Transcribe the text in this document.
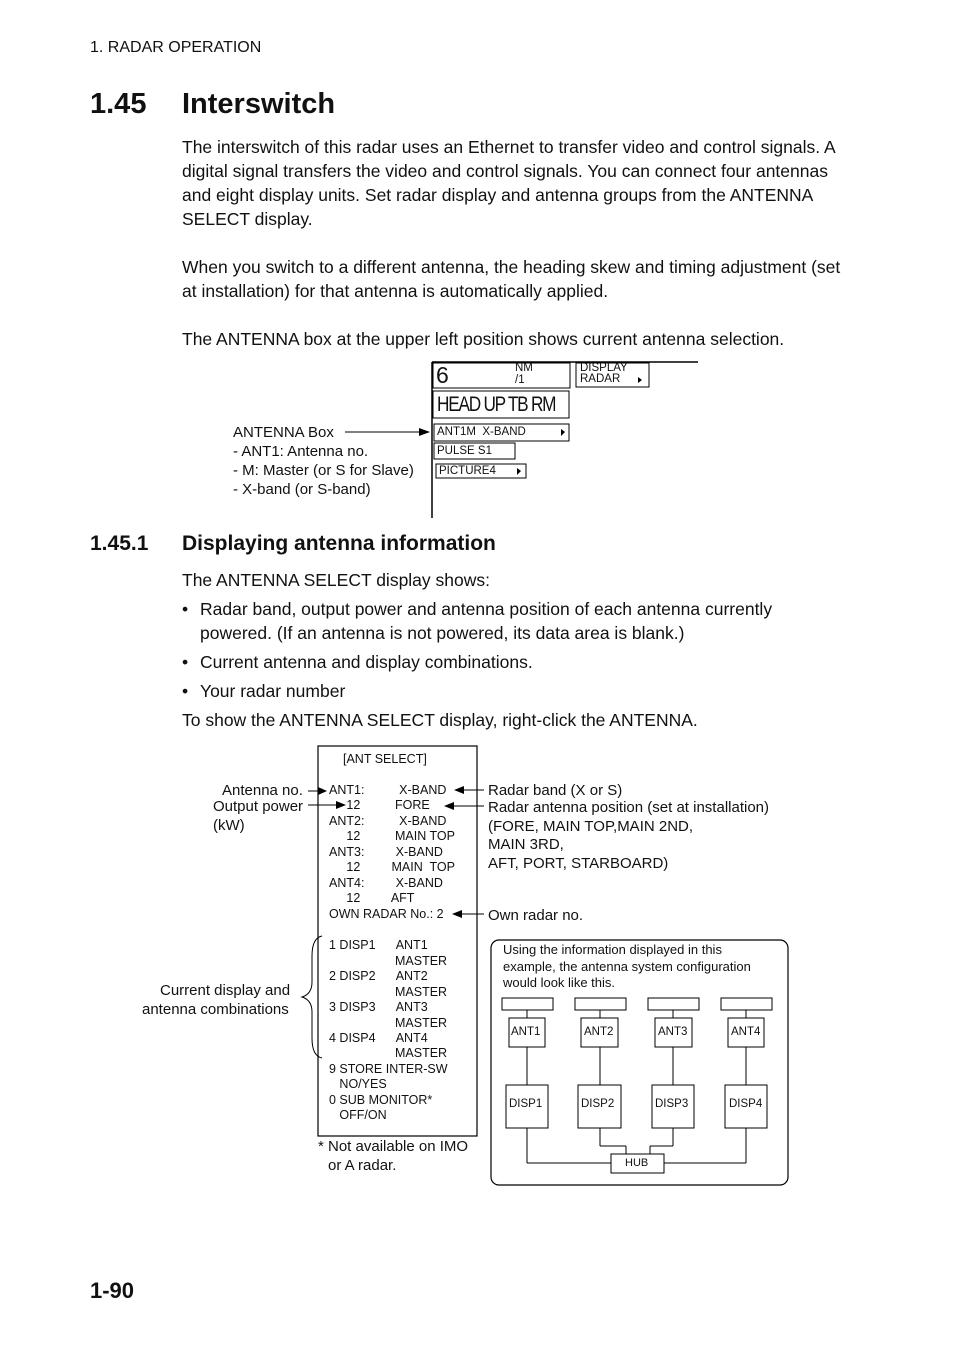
1. RADAR OPERATION
1.45 Interswitch
The interswitch of this radar uses an Ethernet to transfer video and control signals. A digital signal transfers the video and control signals. You can connect four antennas and eight display units. Set radar display and antenna groups from the ANTENNA SELECT display.
When you switch to a different antenna, the heading skew and timing adjustment (set at installation) for that antenna is automatically applied.
The ANTENNA box at the upper left position shows current antenna selection.
6	NM
/1
DISPLAY
RADAR
HEAD UP TB RM
ANT1M  X-BAND
PULSE S1
PICTURE4
ANTENNA Box
- ANT1: Antenna no.
- M: Master (or S for Slave)
- X-band (or S-band)
1.45.1 Displaying antenna information
The ANTENNA SELECT display shows:
• Radar band, output power and antenna position of each antenna currently powered. (If an antenna is not powered, its data area is blank.)
• Current antenna and display combinations.
• Your radar number
To show the ANTENNA SELECT display, right-click the ANTENNA.
[ANT SELECT]
ANT1:          X-BAND
12          FORE
ANT2:          X-BAND
12          MAIN TOP
ANT3:         X-BAND
12         MAIN  TOP
ANT4:         X-BAND
12         AFT
OWN RADAR No.: 2
1 DISP1      ANT1
MASTER
2 DISP2      ANT2
MASTER
3 DISP3      ANT3
MASTER
4 DISP4      ANT4
MASTER
9 STORE INTER-SW
NO/YES
0 SUB MONITOR*
OFF/ON
* Not available on IMO
or A radar.
Antenna no.
Output power
(kW)
Current display and
antenna combinations
Radar band (X or S)
Radar antenna position (set at installation)
(FORE, MAIN TOP,MAIN 2ND,
MAIN 3RD,
AFT, PORT, STARBOARD)
Own radar no.
Using the information displayed in this
example, the antenna system configuration
would look like this.
ANT1	ANT2	ANT3	ANT4
DISP1	DISP2	DISP3	DISP4
HUB
1-90
